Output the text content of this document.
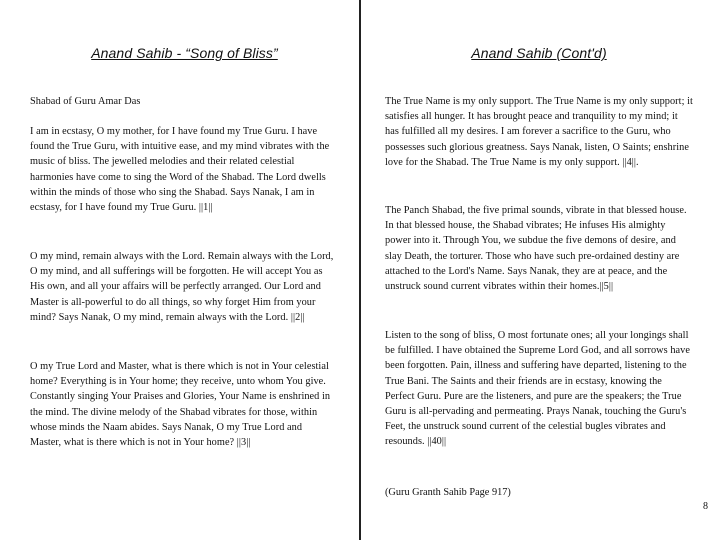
Anand Sahib - “Song of Bliss”

Shabad of Guru Amar Das

I am in ecstasy, O my mother, for I have found my True Guru. I have found the True Guru, with intuitive ease, and my mind vibrates with the music of bliss. The jewelled melodies and their related celestial harmonies have come to sing the Word of the Shabad. The Lord dwells within the minds of those who sing the Shabad. Says Nanak, I am in ecstasy, for I have found my True Guru. ||1||

O my mind, remain always with the Lord. Remain always with the Lord, O my mind, and all sufferings will be forgotten. He will accept You as His own, and all your affairs will be perfectly arranged. Our Lord and Master is all-powerful to do all things, so why forget Him from your mind? Says Nanak, O my mind, remain always with the Lord. ||2||

O my True Lord and Master, what is there which is not in Your celestial home? Everything is in Your home; they receive, unto whom You give. Constantly singing Your Praises and Glories, Your Name is enshrined in the mind. The divine melody of the Shabad vibrates for those, within whose minds the Naam abides. Says Nanak, O my True Lord and Master, what is there which is not in Your home? ||3||

Anand Sahib (Cont'd)

The True Name is my only support. The True Name is my only support; it satisfies all hunger. It has brought peace and tranquility to my mind; it has fulfilled all my desires. I am forever a sacrifice to the Guru, who possesses such glorious greatness. Says Nanak, listen, O Saints; enshrine love for the Shabad. The True Name is my only support. ||4||.

The Panch Shabad, the five primal sounds, vibrate in that blessed house. In that blessed house, the Shabad vibrates; He infuses His almighty power into it. Through You, we subdue the five demons of desire, and slay Death, the torturer. Those who have such pre-ordained destiny are attached to the Lord's Name. Says Nanak, they are at peace, and the unstruck sound current vibrates within their homes.||5||

Listen to the song of bliss, O most fortunate ones; all your longings shall be fulfilled. I have obtained the Supreme Lord God, and all sorrows have been forgotten. Pain, illness and suffering have departed, listening to the True Bani. The Saints and their friends are in ecstasy, knowing the Perfect Guru. Pure are the listeners, and pure are the speakers; the True Guru is all-pervading and permeating. Prays Nanak, touching the Guru's Feet, the unstruck sound current of the celestial bugles vibrates and resounds. ||40||

(Guru Granth Sahib Page 917)
8
